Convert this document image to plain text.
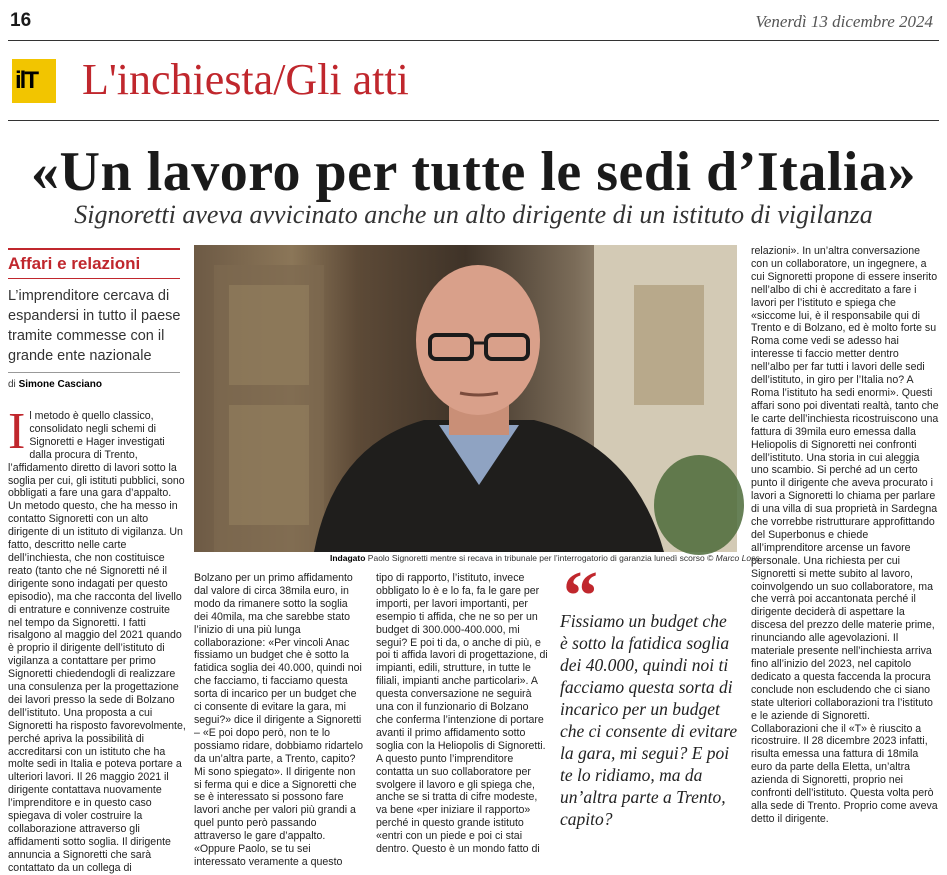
16	Venerdì 13 dicembre 2024
ilT L'inchiesta/Gli atti
«Un lavoro per tutte le sedi d’Italia»
Signoretti aveva avvicinato anche un alto dirigente di un istituto di vigilanza
Affari e relazioni
L’imprenditore cercava di espandersi in tutto il paese tramite commesse con il grande ente nazionale
di Simone Casciano
Indagato Paolo Signoretti mentre si recava in tribunale per l’interrogatorio di garanzia lunedì scorso © Marco Loss
Il metodo è quello classico, consolidato negli schemi di Signoretti e Hager investigati dalla procura di Trento, l’affidamento diretto di lavori sotto la soglia per cui, gli istituti pubblici, sono obbligati a fare una gara d’appalto. Un metodo questo, che ha messo in contatto Signoretti con un alto dirigente di un istituto di vigilanza. Un fatto, descritto nelle carte dell’inchiesta, che non costituisce reato (tanto che né Signoretti né il dirigente sono indagati per questo episodio), ma che racconta del livello di entrature e connivenze costruite nel tempo da Signoretti. I fatti risalgono al maggio del 2021 quando è proprio il dirigente dell’istituto di vigilanza a contattare per primo Signoretti chiedendogli di realizzare una consulenza per la progettazione dei lavori presso la sede di Bolzano dell’istituto. Una proposta a cui Signoretti ha risposto favorevolmente, perché apriva la possibilità di accreditarsi con un istituto che ha molte sedi in Italia e poteva portare a ulteriori lavori. Il 26 maggio 2021 il dirigente contattava nuovamente l’imprenditore e in questo caso spiegava di voler costruire la collaborazione attraverso gli affidamenti sotto soglia. Il dirigente annuncia a Signoretti che sarà contattato da un collega di
Bolzano per un primo affidamento dal valore di circa 38mila euro, in modo da rimanere sotto la soglia dei 40mila, ma che sarebbe stato l’inizio di una più lunga collaborazione: «Per vincoli Anac fissiamo un budget che è sotto la fatidica soglia dei 40.000, quindi noi che facciamo, ti facciamo questa sorta di incarico per un budget che ci consente di evitare la gara, mi segui?» dice il dirigente a Signoretti – «E poi dopo però, non te lo possiamo ridare, dobbiamo ridartelo da un’altra parte, a Trento, capito? Mi sono spiegato». Il dirigente non si ferma qui e dice a Signoretti che se è interessato si possono fare lavori anche per valori più grandi a quel punto però passando attraverso le gare d’appalto. «Oppure Paolo, se tu sei interessato veramente a questo
tipo di rapporto, l’istituto, invece obbligato lo è e lo fa, fa le gare per importi, per lavori importanti, per esempio ti affida, che ne so per un budget di 300.000-400.000, mi segui? E poi ti da, o anche di più, e poi ti affida lavori di progettazione, di impianti, edili, strutture, in tutte le filiali, impianti anche particolari». A questa conversazione ne seguirà una con il funzionario di Bolzano che conferma l’intenzione di portare avanti il primo affidamento sotto soglia con la Heliopolis di Signoretti. A questo punto l’imprenditore contatta un suo collaboratore per svolgere il lavoro e gli spiega che, anche se si tratta di cifre modeste, va bene «per iniziare il rapporto» perché in questo grande istituto «entri con un piede e poi ci stai dentro. Questo è un mondo fatto di
“
Fissiamo un budget che è sotto la fatidica soglia dei 40.000, quindi noi ti facciamo questa sorta di incarico per un budget che ci consente di evitare la gara, mi segui? E poi te lo ridiamo, ma da un’altra parte a Trento, capito?
relazioni». In un’altra conversazione con un collaboratore, un ingegnere, a cui Signoretti propone di essere inserito nell’albo di chi è accreditato a fare i lavori per l’istituto e spiega che «siccome lui, è il responsabile qui di Trento e di Bolzano, ed è molto forte su Roma come vedi se adesso hai interesse ti faccio metter dentro nell’albo per far tutti i lavori delle sedi dell’istituto, in giro per l’Italia no? A Roma l’istituto ha sedi enormi». Questi affari sono poi diventati realtà, tanto che le carte dell’inchiesta ricostruiscono una fattura di 39mila euro emessa dalla Heliopolis di Signoretti nei confronti dell’istituto. Una storia in cui aleggia uno scambio. Si perché ad un certo punto il dirigente che aveva procurato i lavori a Signoretti lo chiama per parlare di una villa di sua proprietà in Sardegna che vorrebbe ristrutturare approfittando del Superbonus e chiede all’imprenditore arcense un favore personale. Una richiesta per cui Signoretti si mette subito al lavoro, coinvolgendo un suo collaboratore, ma che verrà poi accantonata perché il dirigente deciderà di aspettare la discesa del prezzo delle materie prime, rinunciando alle agevolazioni. Il materiale presente nell’inchiesta arriva fino all’inizio del 2023, nel capitolo dedicato a questa faccenda la procura conclude non escludendo che ci siano state ulteriori collaborazioni tra l’istituto e le aziende di Signoretti. Collaborazioni che il «T» è riuscito a ricostruire. Il 28 dicembre 2023 infatti, risulta emessa una fattura di 18mila euro da parte della Eletta, un’altra azienda di Signoretti, proprio nei confronti dell’istituto. Questa volta però alla sede di Trento. Proprio come aveva detto il dirigente.
